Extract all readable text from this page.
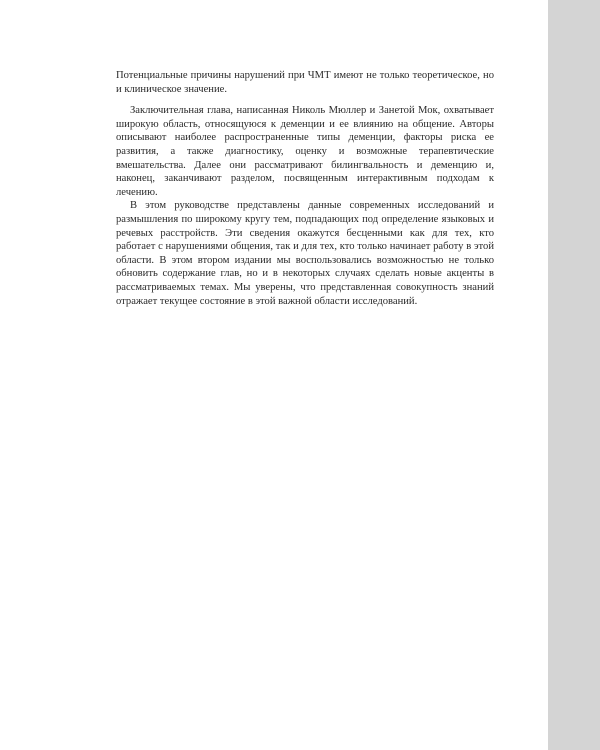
Потенциальные причины нарушений при ЧМТ имеют не только теоретическое, но и клиническое значение.

Заключительная глава, написанная Николь Мюллер и Занетой Мок, охватывает широкую область, относящуюся к деменции и ее влиянию на общение. Авторы описывают наиболее распространенные типы деменции, факторы риска ее развития, а также диагностику, оценку и возможные терапевтические вмешательства. Далее они рассматривают билингвальность и деменцию и, наконец, заканчивают разделом, посвященным интерактивным подходам к лечению.

В этом руководстве представлены данные современных исследований и размышления по широкому кругу тем, подпадающих под определение языковых и речевых расстройств. Эти сведения окажутся бесценными как для тех, кто работает с нарушениями общения, так и для тех, кто только начинает работу в этой области. В этом втором издании мы воспользовались возможностью не только обновить содержание глав, но и в некоторых случаях сделать новые акценты в рассматриваемых темах. Мы уверены, что представленная совокупность знаний отражает текущее состояние в этой важной области исследований.
